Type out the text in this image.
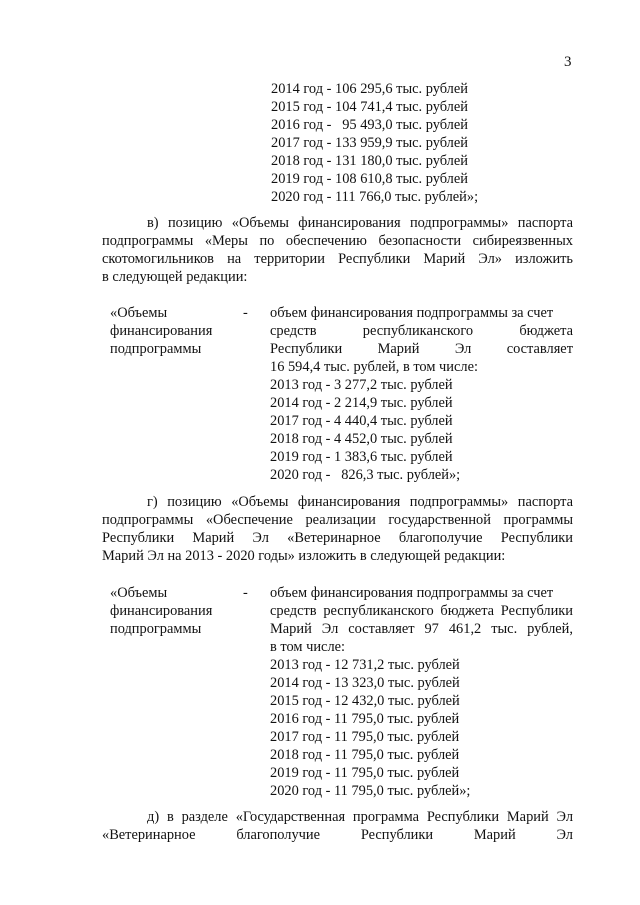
3
2014 год - 106 295,6 тыс. рублей
2015 год - 104 741,4 тыс. рублей
2016 год -   95 493,0 тыс. рублей
2017 год - 133 959,9 тыс. рублей
2018 год - 131 180,0 тыс. рублей
2019 год - 108 610,8 тыс. рублей
2020 год - 111 766,0 тыс. рублей»;
в) позицию «Объемы финансирования подпрограммы» паспорта
подпрограммы «Меры по обеспечению безопасности сибиреязвенных
скотомогильников на территории Республики Марий Эл» изложить
в следующей редакции:
«Объемы
финансирования
подпрограммы
- объем финансирования подпрограммы за счет
средств республиканского бюджета
Республики Марий Эл составляет
16 594,4 тыс. рублей, в том числе:
2013 год - 3 277,2 тыс. рублей
2014 год - 2 214,9 тыс. рублей
2017 год - 4 440,4 тыс. рублей
2018 год - 4 452,0 тыс. рублей
2019 год - 1 383,6 тыс. рублей
2020 год -   826,3 тыс. рублей»;
г) позицию «Объемы финансирования подпрограммы» паспорта
подпрограммы «Обеспечение реализации государственной программы
Республики Марий Эл «Ветеринарное благополучие Республики
Марий Эл на 2013 - 2020 годы» изложить в следующей редакции:
«Объемы
финансирования
подпрограммы
- объем финансирования подпрограммы за счет
средств республиканского бюджета Республики
Марий Эл составляет 97 461,2 тыс. рублей,
в том числе:
2013 год - 12 731,2 тыс. рублей
2014 год - 13 323,0 тыс. рублей
2015 год - 12 432,0 тыс. рублей
2016 год - 11 795,0 тыс. рублей
2017 год - 11 795,0 тыс. рублей
2018 год - 11 795,0 тыс. рублей
2019 год - 11 795,0 тыс. рублей
2020 год - 11 795,0 тыс. рублей»;
д) в разделе «Государственная программа Республики Марий Эл
«Ветеринарное благополучие Республики Марий Эл
